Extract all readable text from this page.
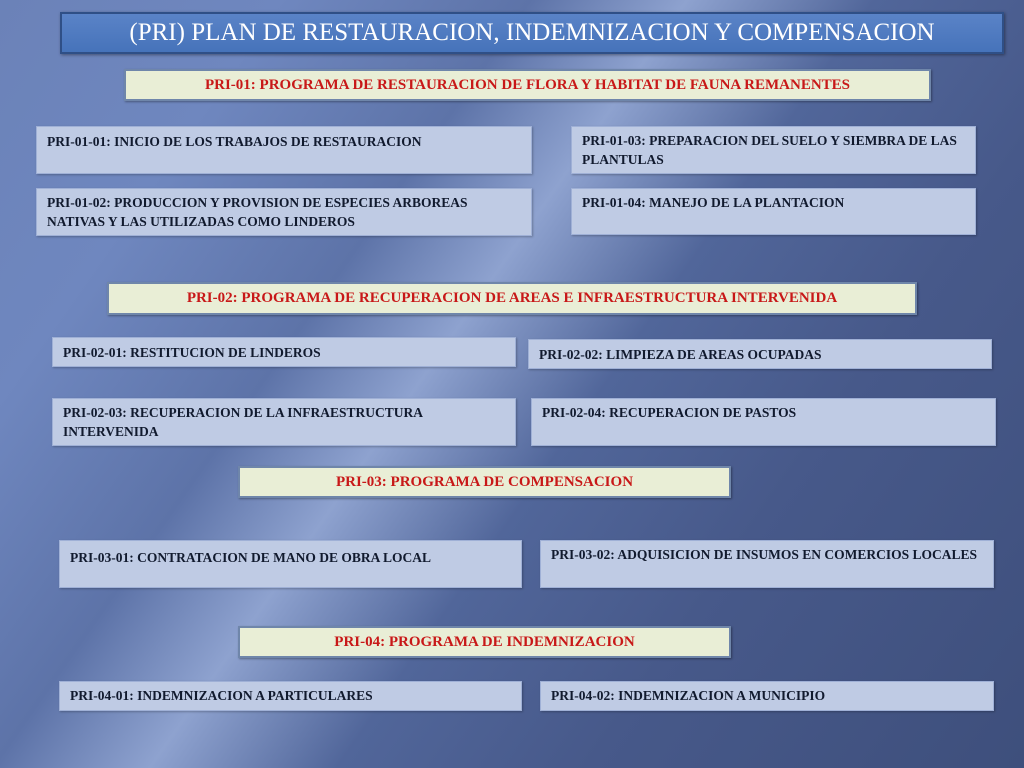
(PRI) PLAN DE RESTAURACION, INDEMNIZACION Y COMPENSACION
PRI-01: PROGRAMA DE RESTAURACION DE FLORA Y HABITAT DE FAUNA REMANENTES
PRI-01-01: INICIO DE LOS TRABAJOS DE RESTAURACION	PRI-01-03: PREPARACION DEL SUELO Y SIEMBRA DE LAS PLANTULAS
PRI-01-02: PRODUCCION Y PROVISION DE ESPECIES ARBOREAS NATIVAS Y LAS UTILIZADAS COMO LINDEROS
PRI-01-04: MANEJO DE LA PLANTACION
PRI-02: PROGRAMA DE RECUPERACION DE AREAS E INFRAESTRUCTURA INTERVENIDA
PRI-02-01: RESTITUCION DE LINDEROS	PRI-02-02: LIMPIEZA DE AREAS OCUPADAS
PRI-02-03: RECUPERACION DE LA INFRAESTRUCTURA INTERVENIDA
PRI-02-04: RECUPERACION DE PASTOS
PRI-03: PROGRAMA DE COMPENSACION
PRI-03-01: CONTRATACION DE MANO DE OBRA LOCAL	PRI-03-02: ADQUISICION DE INSUMOS EN COMERCIOS LOCALES
PRI-04: PROGRAMA DE INDEMNIZACION
PRI-04-01: INDEMNIZACION A PARTICULARES	PRI-04-02: INDEMNIZACION A MUNICIPIO
